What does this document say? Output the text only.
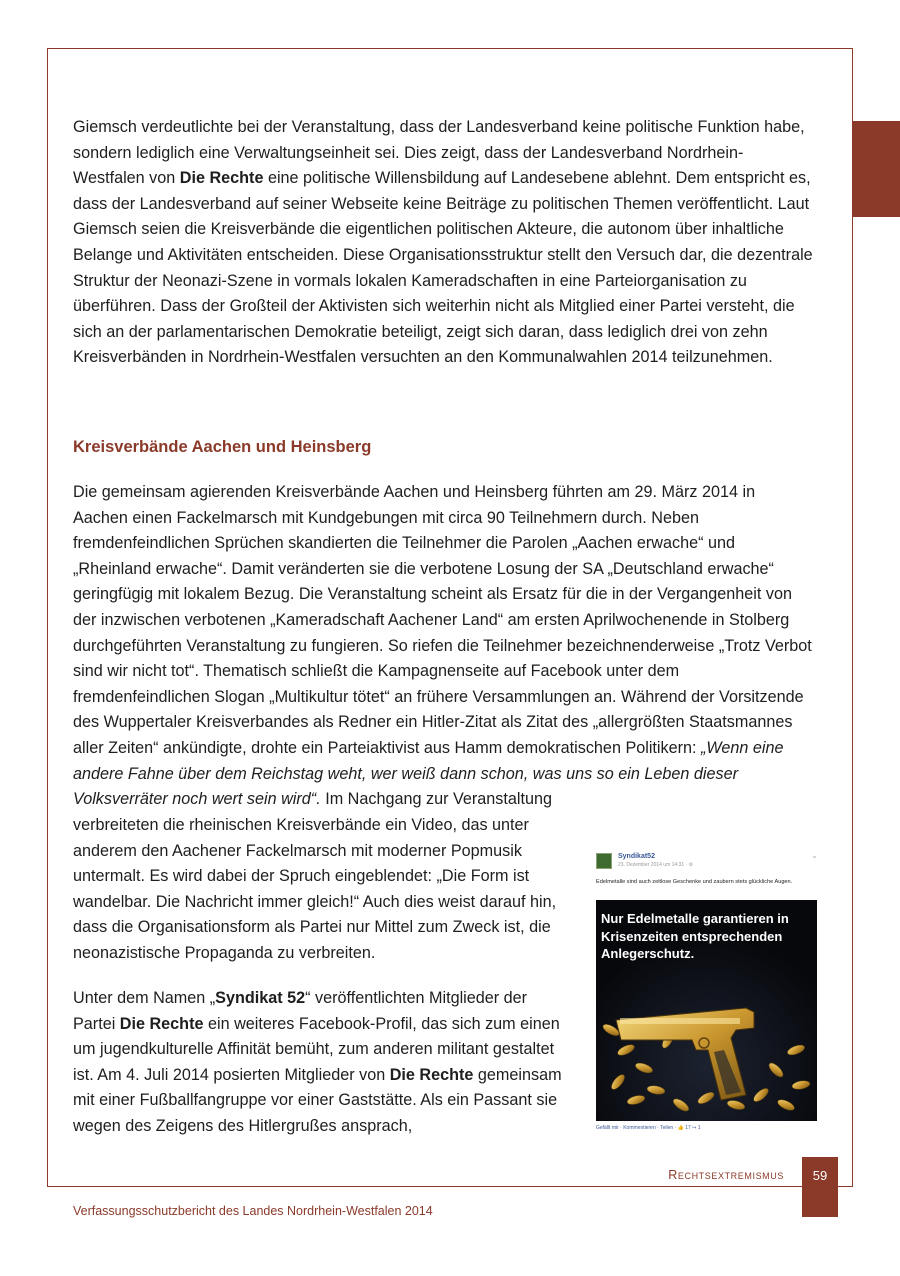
Giemsch verdeutlichte bei der Veranstaltung, dass der Landesverband keine politische Funktion habe, sondern lediglich eine Verwaltungseinheit sei. Dies zeigt, dass der Landesverband Nordrhein-Westfalen von Die Rechte eine politische Willensbildung auf Landesebene ablehnt. Dem entspricht es, dass der Landesverband auf seiner Webseite keine Beiträge zu politischen Themen veröffentlicht. Laut Giemsch seien die Kreisverbände die eigentlichen politischen Akteure, die autonom über inhaltliche Belange und Aktivitäten entscheiden. Diese Organisationsstruktur stellt den Versuch dar, die dezentrale Struktur der Neonazi-Szene in vormals lokalen Kameradschaften in eine Parteiorganisation zu überführen. Dass der Großteil der Aktivisten sich weiterhin nicht als Mitglied einer Partei versteht, die sich an der parlamentarischen Demokratie beteiligt, zeigt sich daran, dass lediglich drei von zehn Kreisverbänden in Nordrhein-Westfalen versuchten an den Kommunalwahlen 2014 teilzunehmen.

Kreisverbände Aachen und Heinsberg

Die gemeinsam agierenden Kreisverbände Aachen und Heinsberg führten am 29. März 2014 in Aachen einen Fackelmarsch mit Kundgebungen mit circa 90 Teilnehmern durch. Neben fremdenfeindlichen Sprüchen skandierten die Teilnehmer die Parolen „Aachen erwache“ und „Rheinland erwache“. Damit veränderten sie die verbotene Losung der SA „Deutschland erwache“ geringfügig mit lokalem Bezug. Die Veranstaltung scheint als Ersatz für die in der Vergangenheit von der inzwischen verbotenen „Kameradschaft Aachener Land“ am ersten Aprilwochenende in Stolberg durchgeführten Veranstaltung zu fungieren. So riefen die Teilnehmer bezeichnenderweise „Trotz Verbot sind wir nicht tot“. Thematisch schließt die Kampagnenseite auf Facebook unter dem fremdenfeindlichen Slogan „Multikultur tötet“ an frühere Versammlungen an. Während der Vorsitzende des Wuppertaler Kreisverbandes als Redner ein Hitler-Zitat als Zitat des „allergrößten Staatsmannes aller Zeiten“ ankündigte, drohte ein Parteiaktivist aus Hamm demokratischen Politikern: „Wenn eine andere Fahne über dem Reichstag weht, wer weiß dann schon, was uns so ein Leben dieser Volksverräter noch wert sein wird“. Im Nachgang zur Veranstaltung

verbreiteten die rheinischen Kreisverbände ein Video, das unter anderem den Aachener Fackelmarsch mit moderner Popmusik untermalt. Es wird dabei der Spruch eingeblendet: „Die Form ist wandelbar. Die Nachricht immer gleich!“ Auch dies weist darauf hin, dass die Organisationsform als Partei nur Mittel zum Zweck ist, die neonazistische Propaganda zu verbreiten.

Unter dem Namen „Syndikat 52“ veröffentlichten Mitglieder der Partei Die Rechte ein weiteres Facebook-Profil, das sich zum einen um jugendkulturelle Affinität bemüht, zum anderen militant gestaltet ist. Am 4. Juli 2014 posierten Mitglieder von Die Rechte gemeinsam mit einer Fußballfangruppe vor einer Gaststätte. Als ein Passant sie wegen des Zeigens des Hitlergrußes ansprach,

Syndikat52
23. Dezember 2014 um 14:31 · ⚙
⌄
Edelmetalle sind auch zeitlose Geschenke und zaubern stets glückliche Augen.
Nur Edelmetalle garantieren in Krisenzeiten entsprechenden Anlegerschutz.
Gefällt mir · Kommentieren · Teilen · 👍 17 ↪ 1
Rechtsextremismus	59
Verfassungsschutzbericht des Landes Nordrhein-Westfalen 2014
